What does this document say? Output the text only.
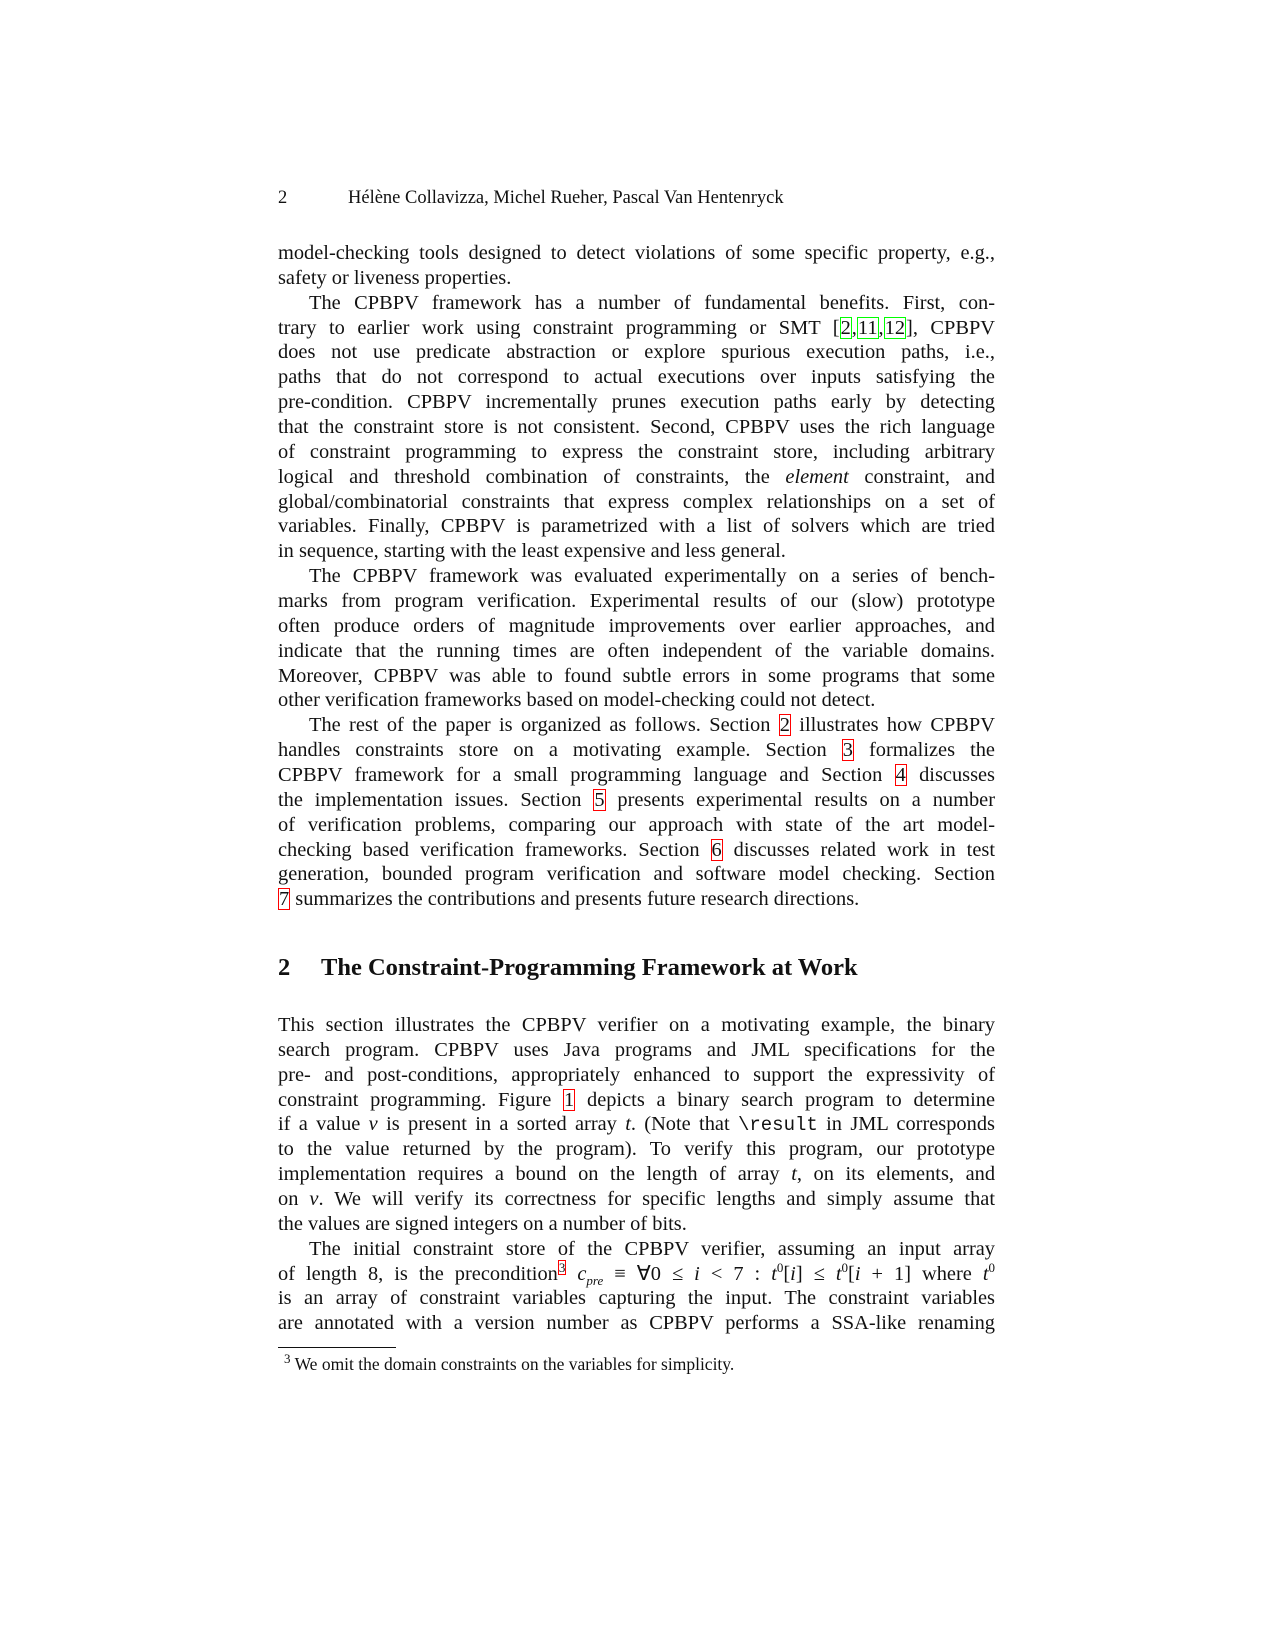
2	Hélène Collavizza, Michel Rueher, Pascal Van Hentenryck
model-checking tools designed to detect violations of some specific property, e.g.,
safety or liveness properties.
The CPBPV framework has a number of fundamental benefits. First, con-
trary to earlier work using constraint programming or SMT [2,11,12], CPBPV
does not use predicate abstraction or explore spurious execution paths, i.e.,
paths that do not correspond to actual executions over inputs satisfying the
pre-condition. CPBPV incrementally prunes execution paths early by detecting
that the constraint store is not consistent. Second, CPBPV uses the rich language
of constraint programming to express the constraint store, including arbitrary
logical and threshold combination of constraints, the element constraint, and
global/combinatorial constraints that express complex relationships on a set of
variables. Finally, CPBPV is parametrized with a list of solvers which are tried
in sequence, starting with the least expensive and less general.
The CPBPV framework was evaluated experimentally on a series of bench-
marks from program verification. Experimental results of our (slow) prototype
often produce orders of magnitude improvements over earlier approaches, and
indicate that the running times are often independent of the variable domains.
Moreover, CPBPV was able to found subtle errors in some programs that some
other verification frameworks based on model-checking could not detect.
The rest of the paper is organized as follows. Section 2 illustrates how CPBPV
handles constraints store on a motivating example. Section 3 formalizes the
CPBPV framework for a small programming language and Section 4 discusses
the implementation issues. Section 5 presents experimental results on a number
of verification problems, comparing our approach with state of the art model-
checking based verification frameworks. Section 6 discusses related work in test
generation, bounded program verification and software model checking. Section
7 summarizes the contributions and presents future research directions.
2 The Constraint-Programming Framework at Work
This section illustrates the CPBPV verifier on a motivating example, the binary
search program. CPBPV uses Java programs and JML specifications for the
pre- and post-conditions, appropriately enhanced to support the expressivity of
constraint programming. Figure 1 depicts a binary search program to determine
if a value v is present in a sorted array t. (Note that \result in JML corresponds
to the value returned by the program). To verify this program, our prototype
implementation requires a bound on the length of array t, on its elements, and
on v. We will verify its correctness for specific lengths and simply assume that
the values are signed integers on a number of bits.
The initial constraint store of the CPBPV verifier, assuming an input array
of length 8, is the precondition$^3$ $c_{pre}$ ≡ ∀0 ≤ i < 7 : $t^0[i] \le t^0[i + 1]$ where $t^0$
is an array of constraint variables capturing the input. The constraint variables
are annotated with a version number as CPBPV performs a SSA-like renaming
$^3$ We omit the domain constraints on the variables for simplicity.
